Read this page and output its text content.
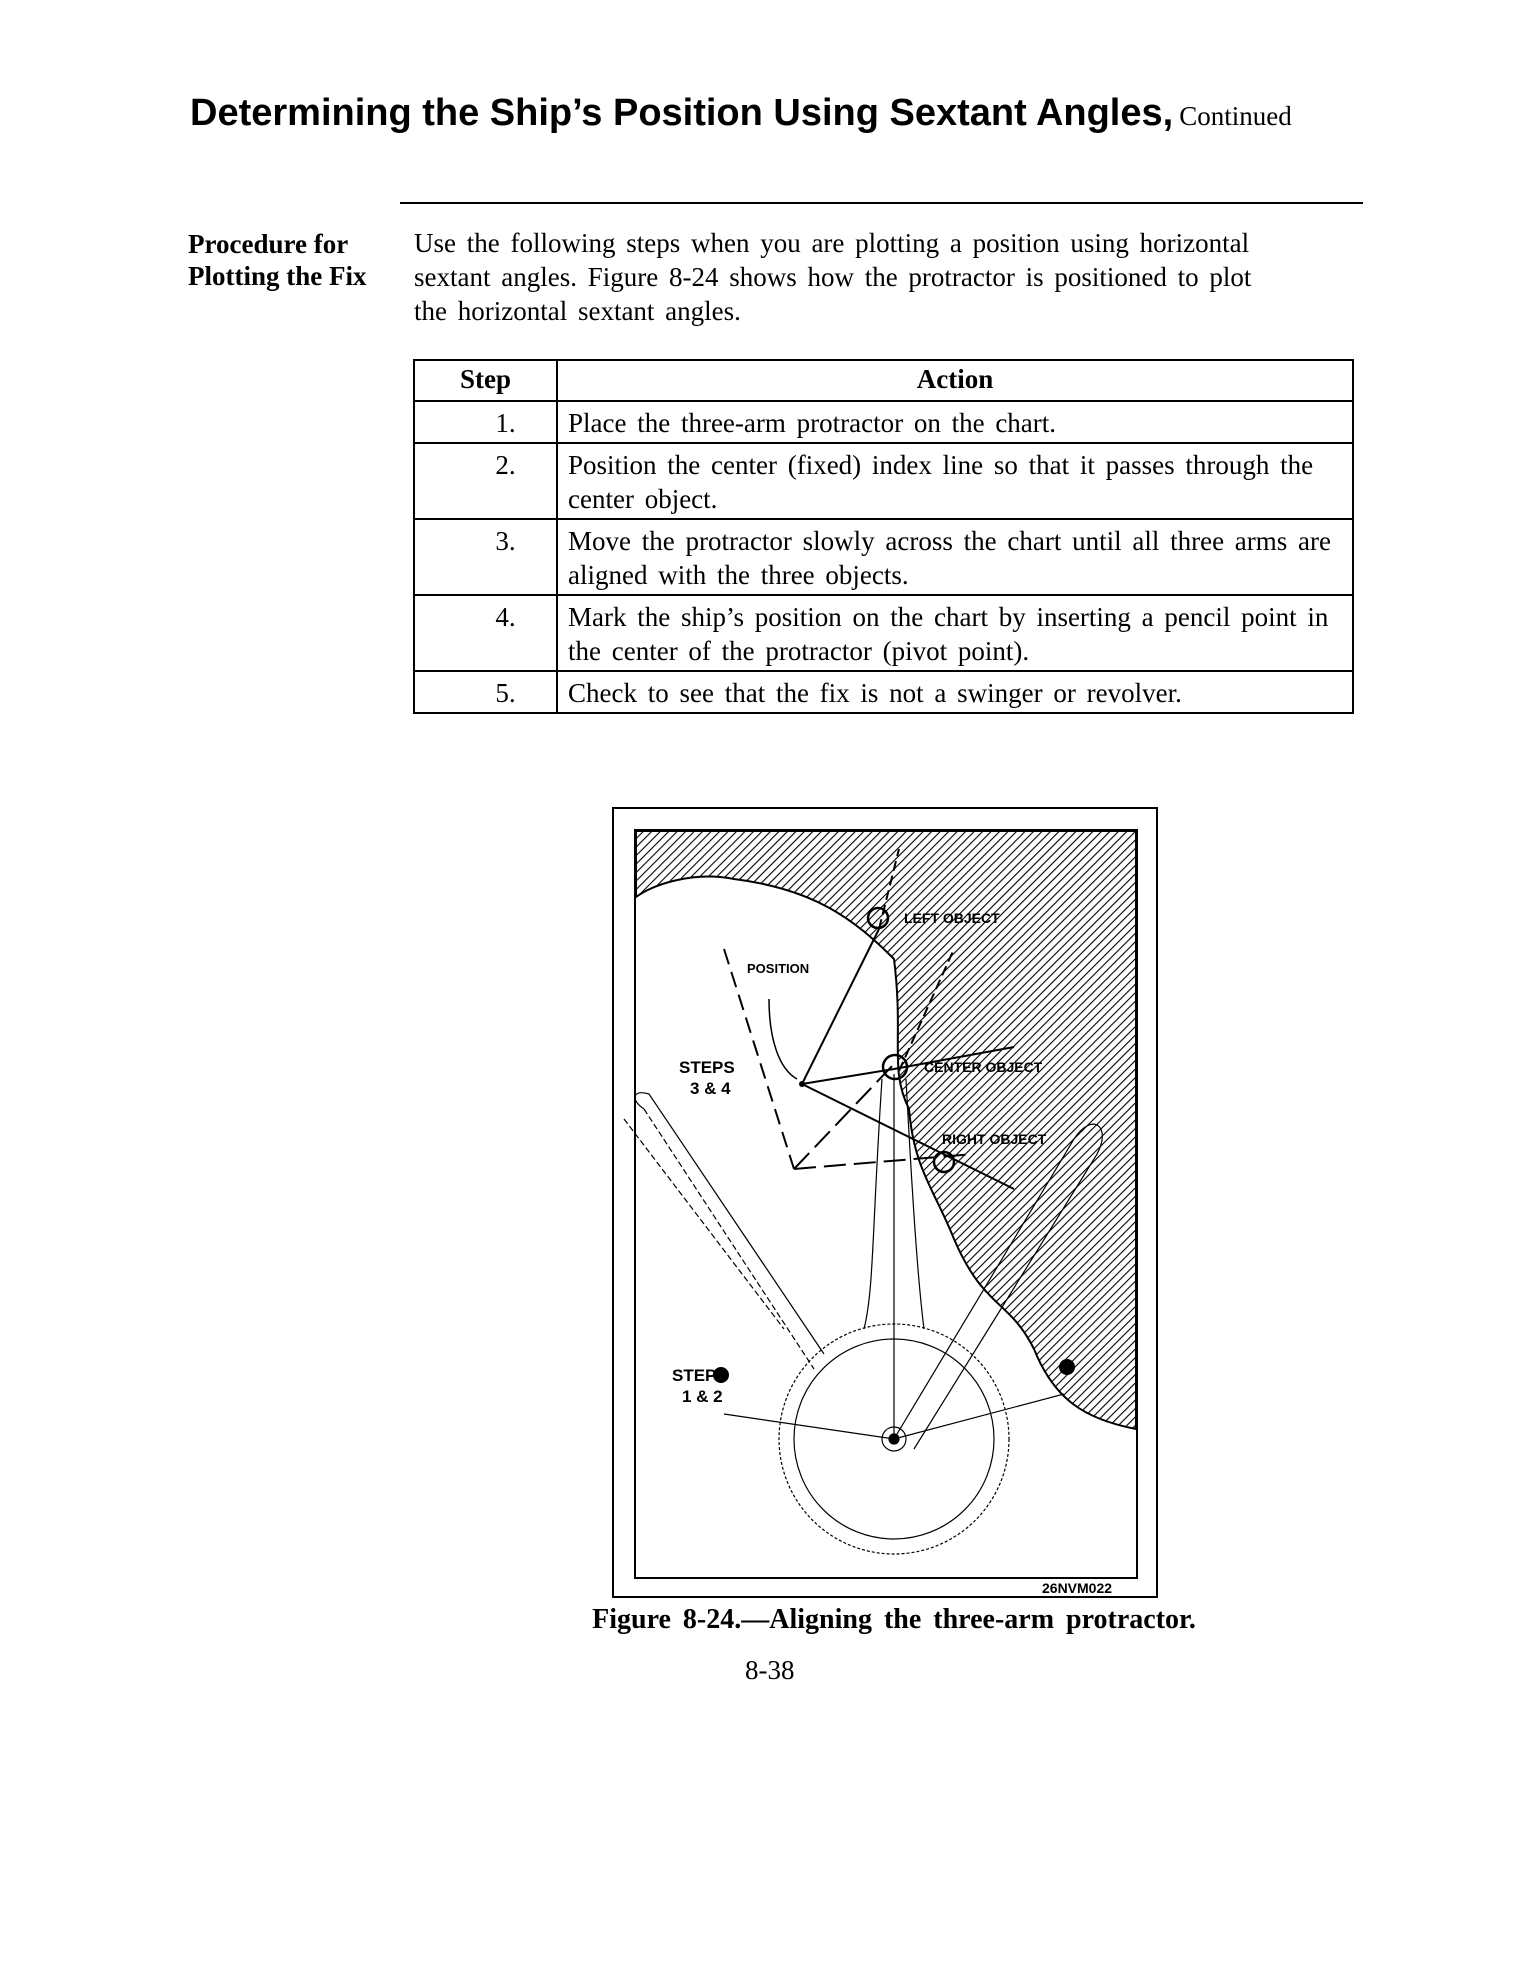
Determining the Ship’s Position Using Sextant Angles, Continued
Procedure for Plotting the Fix
Use the following steps when you are plotting a position using horizontal sextant angles. Figure 8-24 shows how the protractor is positioned to plot the horizontal sextant angles.
Step	Action
1.	Place the three-arm protractor on the chart.
2.	Position the center (fixed) index line so that it passes through the center object.
3.	Move the protractor slowly across the chart until all three arms are aligned with the three objects.
4.	Mark the ship’s position on the chart by inserting a pencil point in the center of the protractor (pivot point).
5.	Check to see that the fix is not a swinger or revolver.
LEFT OBJECT
CENTER OBJECT
RIGHT OBJECT
POSITION
STEPS
3 & 4
STEPS
1 & 2
26NVM022
Figure 8-24.—Aligning the three-arm protractor.
8-38
